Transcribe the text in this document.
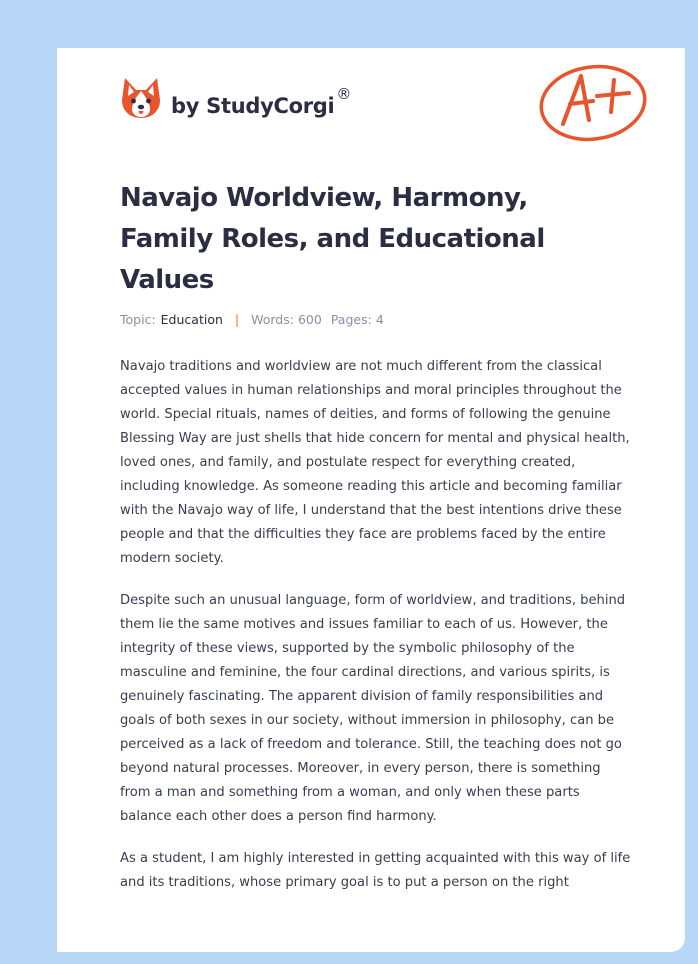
by StudyCorgi ®
Navajo Worldview, Harmony, Family Roles, and Educational Values
Topic: Education | Words: 600 Pages: 4

Navajo traditions and worldview are not much different from the classical accepted values in human relationships and moral principles throughout the world. Special rituals, names of deities, and forms of following the genuine Blessing Way are just shells that hide concern for mental and physical health, loved ones, and family, and postulate respect for everything created, including knowledge. As someone reading this article and becoming familiar with the Navajo way of life, I understand that the best intentions drive these people and that the difficulties they face are problems faced by the entire modern society.

Despite such an unusual language, form of worldview, and traditions, behind them lie the same motives and issues familiar to each of us. However, the integrity of these views, supported by the symbolic philosophy of the masculine and feminine, the four cardinal directions, and various spirits, is genuinely fascinating. The apparent division of family responsibilities and goals of both sexes in our society, without immersion in philosophy, can be perceived as a lack of freedom and tolerance. Still, the teaching does not go beyond natural processes. Moreover, in every person, there is something from a man and something from a woman, and only when these parts balance each other does a person find harmony.

As a student, I am highly interested in getting acquainted with this way of life and its traditions, whose primary goal is to put a person on the right
